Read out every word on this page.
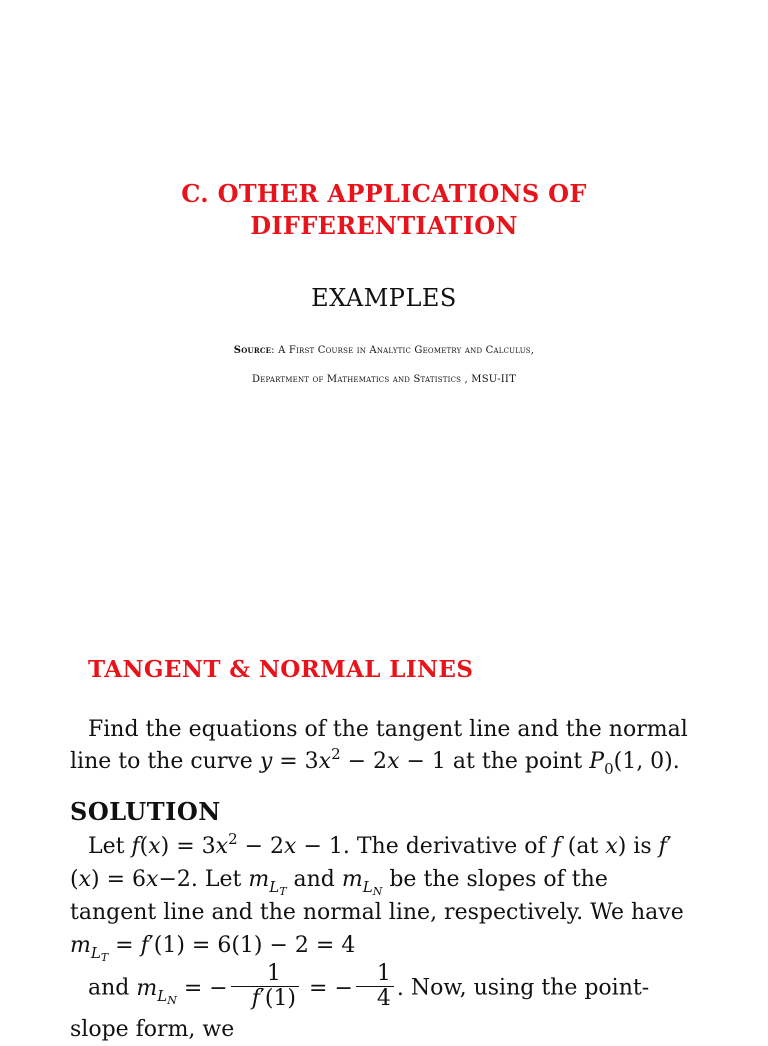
C. OTHER APPLICATIONS OF
DIFFERENTIATION
EXAMPLES
Source: A First Course in Analytic Geometry and Calculus,
Department of Mathematics and Statistics , MSU-IIT
TANGENT & NORMAL LINES
Find the equations of the tangent line and the normal line to the curve $y = 3x^2 - 2x - 1$ at the point $P_0(1$, 0).
SOLUTION
Let $f(x) = 3x^2 - 2x - 1$. The derivative of f (at x) is f′(x) = 6x−2. Let $m_{L_T}$ and $m_{L_N}$ be the slopes of the tangent line and the normal line, respectively. We have $m_{L_T} = f'(1) = 6(1) - 2 = 4$
and $m_{L_N}$ = − $\frac{1}{f'(1)}$ = − $\frac{1}{4}$ . Now, using the point-slope form, we
